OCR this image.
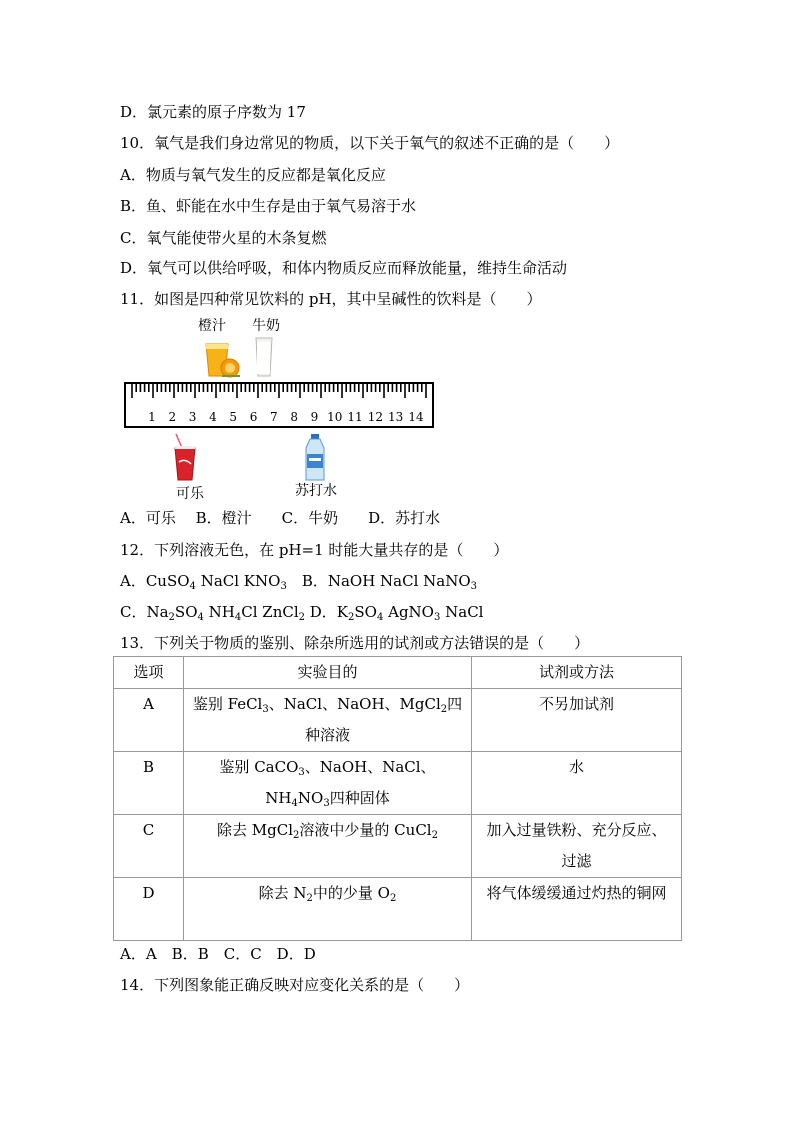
D．氯元素的原子序数为 17
10．氧气是我们身边常见的物质，以下关于氧气的叙述不正确的是（　　）
A．物质与氧气发生的反应都是氧化反应
B．鱼、虾能在水中生存是由于氧气易溶于水
C．氧气能使带火星的木条复燃
D．氧气可以供给呼吸，和体内物质反应而释放能量，维持生命活动
11．如图是四种常见饮料的 pH，其中呈碱性的饮料是（　　）
橙汁 牛奶
1 2 3 4 5 6 7 8 9 10 11 12 13 14
可乐	苏打水
A．可乐　 B．橙汁　　C．牛奶　　D．苏打水
12．下列溶液无色，在 pH=1 时能大量共存的是（　　）
A．CuSO$_4$ NaCl $KNO_3$　B．NaOH NaCl NaNO$_3$
C．$Na_2SO_4$ $NH_4Cl$ ZnCl$_2$ D．$K_2SO_4$ AgNO$_3$ NaCl
13．下列关于物质的鉴别、除杂所选用的试剂或方法错误的是（　　）
选项	实验目的	试剂或方法
A	鉴别 FeCl$_3$、NaCl、NaOH、MgCl$_2$四种溶液	不另加试剂
B	鉴别 CaCO$_3$、NaOH、NaCl、$NH_4NO_3$四种固体	水
C	除去 MgCl$_2$溶液中少量的 CuCl$_2$	加入过量铁粉、充分反应、过滤
D	除去 $N_2$中的少量 $O_2$	将气体缓缓通过灼热的铜网
A．A　B．B　C．C　D．D
14．下列图象能正确反映对应变化关系的是（　　）
